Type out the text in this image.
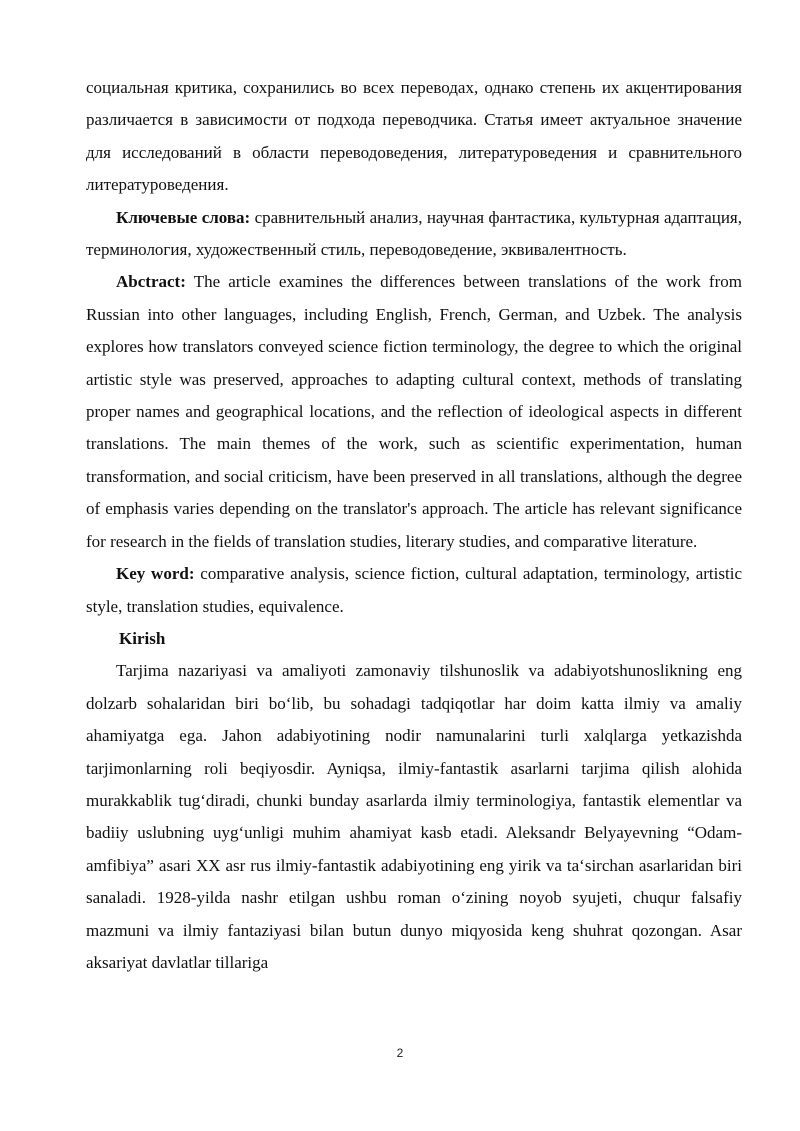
социальная критика, сохранились во всех переводах, однако степень их акцентирования различается в зависимости от подхода переводчика. Статья имеет актуальное значение для исследований в области переводоведения, литературоведения и сравнительного литературоведения.

Ключевые слова: сравнительный анализ, научная фантастика, культурная адаптация, терминология, художественный стиль, переводоведение, эквивалентность.

Abctract: The article examines the differences between translations of the work from Russian into other languages, including English, French, German, and Uzbek. The analysis explores how translators conveyed science fiction terminology, the degree to which the original artistic style was preserved, approaches to adapting cultural context, methods of translating proper names and geographical locations, and the reflection of ideological aspects in different translations. The main themes of the work, such as scientific experimentation, human transformation, and social criticism, have been preserved in all translations, although the degree of emphasis varies depending on the translator's approach. The article has relevant significance for research in the fields of translation studies, literary studies, and comparative literature.

Key word: comparative analysis, science fiction, cultural adaptation, terminology, artistic style, translation studies, equivalence.

Kirish

Tarjima nazariyasi va amaliyoti zamonaviy tilshunoslik va adabiyotshunoslikning eng dolzarb sohalaridan biri bo‘lib, bu sohadagi tadqiqotlar har doim katta ilmiy va amaliy ahamiyatga ega. Jahon adabiyotining nodir namunalarini turli xalqlarga yetkazishda tarjimonlarning roli beqiyosdir. Ayniqsa, ilmiy-fantastik asarlarni tarjima qilish alohida murakkablik tug‘diradi, chunki bunday asarlarda ilmiy terminologiya, fantastik elementlar va badiiy uslubning uyg‘unligi muhim ahamiyat kasb etadi. Aleksandr Belyayevning “Odam-amfibiya” asari XX asr rus ilmiy-fantastik adabiyotining eng yirik va ta‘sirchan asarlaridan biri sanaladi. 1928-yilda nashr etilgan ushbu roman o‘zining noyob syujeti, chuqur falsafiy mazmuni va ilmiy fantaziyasi bilan butun dunyo miqyosida keng shuhrat qozongan. Asar aksariyat davlatlar tillariga

2
